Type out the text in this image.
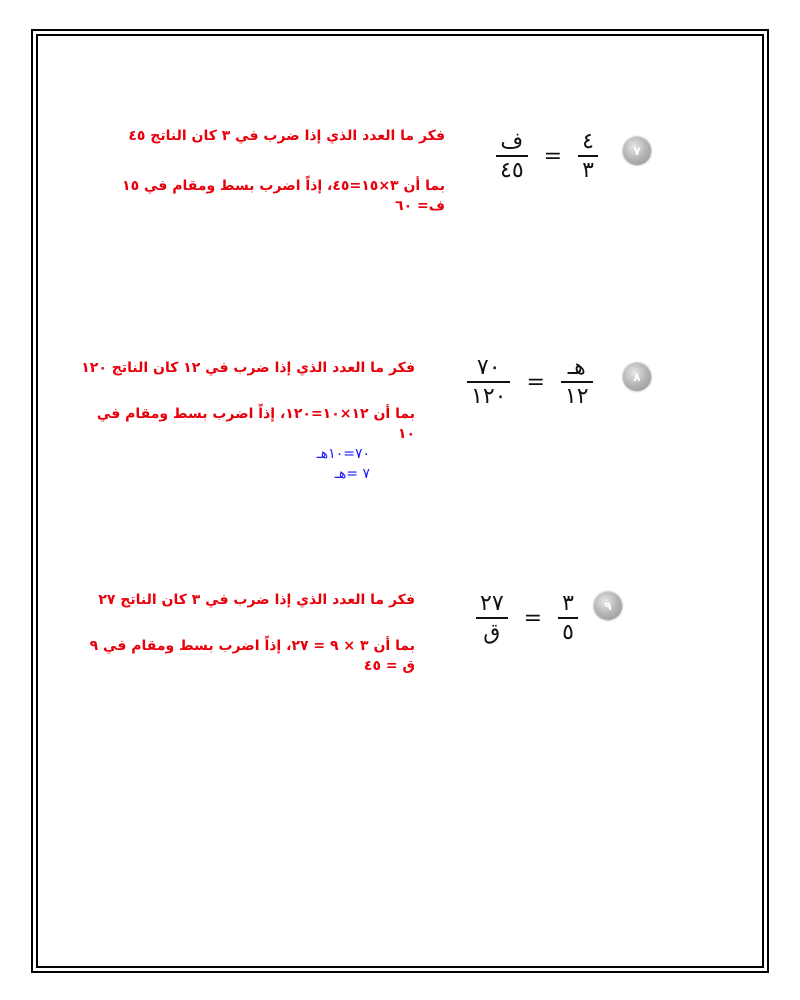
$\frac{\text{ف}}{٤٥} = \frac{٤}{٣}$	٧
فكر ما العدد الذي إذا ضرب في ٣ كان الناتج ٤٥
بما أن ٣×١٥=٤٥، إذاً اضرب بسط ومقام في ١٥
ف= ٦٠
$\frac{٧٠}{١٢٠} = \frac{\text{هـ}}{١٢}$	٨
فكر ما العدد الذي إذا ضرب في ١٢ كان الناتج ١٢٠
بما أن ١٢×١٠=١٢٠، إذاً اضرب بسط ومقام في
١٠
٧٠=١٠هـ
٧ =هـ
$\frac{٢٧}{\text{ق}} = \frac{٣}{٥}$	٩
فكر ما العدد الذي إذا ضرب في ٣ كان الناتج ٢٧
بما أن ٣ × ٩ = ٢٧، إذاً اضرب بسط ومقام في ٩
ق = ٤٥
